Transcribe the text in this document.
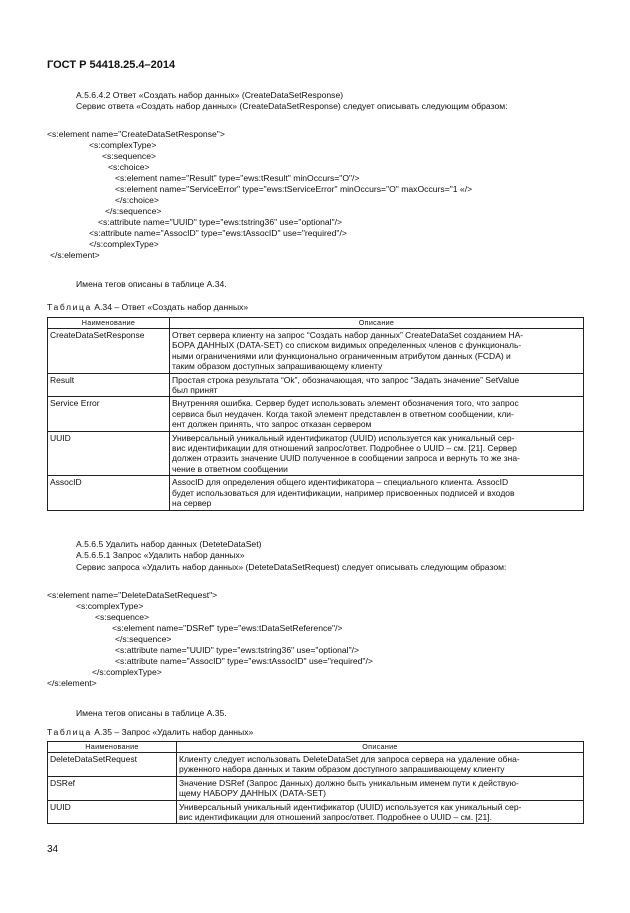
ГОСТ Р 54418.25.4–2014
A.5.6.4.2 Ответ «Создать набор данных» (CreateDataSetResponse)
Сервис ответа «Создать набор данных» (CreateDataSetResponse) следует описывать следующим образом:
<s:element name="CreateDataSetResponse">
<s:complexType>
<s:sequence>
<s:choice>
<s:element name="Result" type="ews:tResult" minOccurs="O"/>
<s:element name="ServiceError" type="ews:tServiceError" minOccurs="O" maxOccurs="1 «/>
</s:choice>
</s:sequence>
<s:attribute name="UUID" type="ews:tstring36" use="optional"/>
<s:attribute name="AssocID" type="ews:tAssocID" use="required"/>
</s:complexType>
</s:element>
Имена тегов описаны в таблице А.34.
Таблица А.34 – Ответ «Создать набор данных»
Наименование	Описание
CreateDataSetResponse	Ответ сервера клиенту на запрос “Создать набор данных” CreateDataSet созданием НА-
БОРА ДАННЫХ (DATA-SET) со списком видимых определенных членов с функциональ-
ными ограничениями или функционально ограниченным атрибутом данных (FCDA) и
таким образом доступных запрашивающему клиенту

Result	Простая строка результата “Ok”, обозначающая, что запрос “Задать значение” SetValue
был принят

Service Error	Внутренняя ошибка. Сервер будет использовать элемент обозначения того, что запрос
сервиса был неудачен. Когда такой элемент представлен в ответном сообщении, кли-
ент должен принять, что запрос отказан сервером

UUID	Универсальный уникальный идентификатор (UUID) используется как уникальный сер-
вис идентификации для отношений запрос/ответ. Подробнее о UUID – см. [21]. Сервер
должен отразить значение UUID полученное в сообщении запроса и вернуть то же зна-
чение в ответном сообщении

AssocID	AssocID для определения общего идентификатора – специального клиента. AssocID
будет использоваться для идентификации, например присвоенных подписей и входов
на сервер
A.5.6.5 Удалить набор данных (DeteteDataSet)
A.5.6.5.1 Запрос «Удалить набор данных»
Сервис запроса «Удалить набор данных» (DeteteDataSetRequest) следует описывать следующим образом:
<s:element name="DeleteDataSetRequest">
<s:complexType>
<s:sequence>
<s:element name="DSRef" type="ews:tDataSetReference"/>
</s:sequence>
<s:attribute name="UUID" type="ews:tstring36" use="optional"/>
<s:attribute name="AssocID" type="ews:tAssocID" use="required"/>
</s:complexType>
</s:element>
Имена тегов описаны в таблице А.35.
Таблица А.35 – Запрос «Удалить набор данных»
Наименование	Описание
DeleteDataSetRequest	Клиенту следует использовать DeleteDataSet для запроса сервера на удаление обна-
руженного набора данных и таким образом доступного запрашивающему клиенту

DSRef	Значение DSRef (Запрос Данных) должно быть уникальным именем пути к действую-
щему НАБОРУ ДАННЫХ (DATA-SET)

UUID	Универсальный уникальный идентификатор (UUID) используется как уникальный сер-
вис идентификации для отношений запрос/ответ. Подробнее о UUID – см. [21].
34
